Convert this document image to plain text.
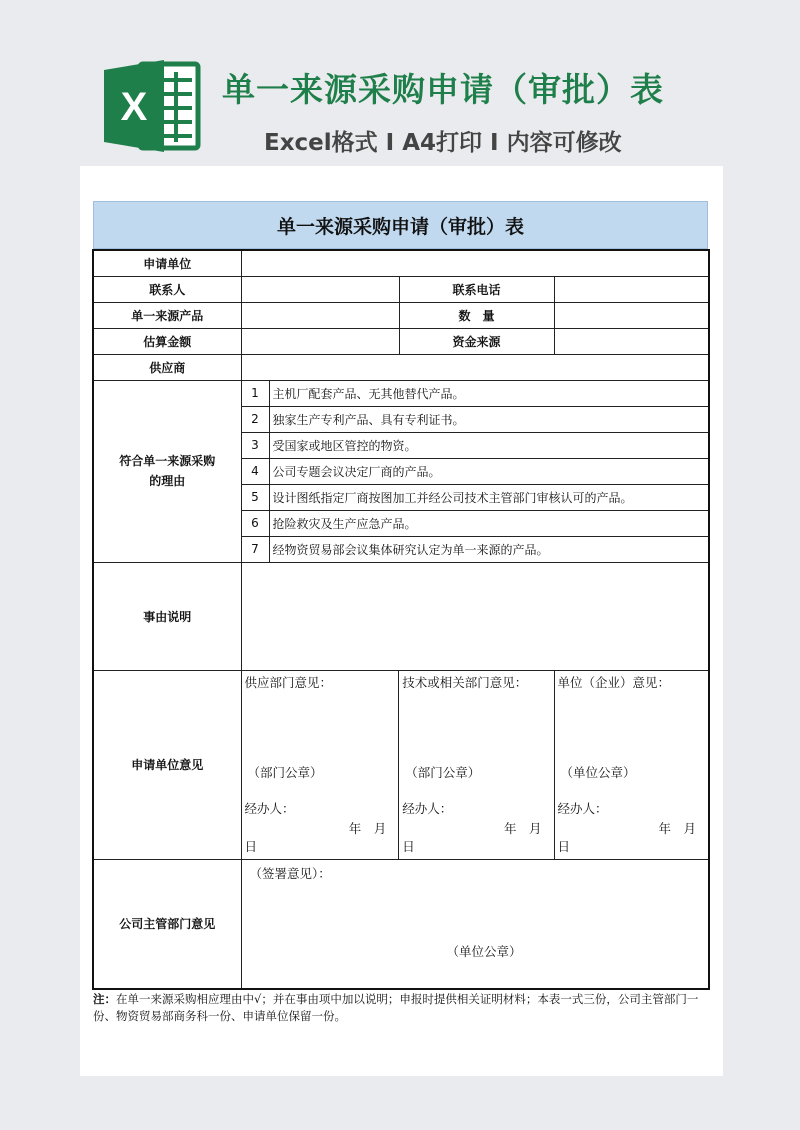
X 单一来源采购申请（审批）表
Excel格式 I A4打印 I 内容可修改
单一来源采购申请（审批）表
申请单位	
联系人		联系电话	
单一来源产品		数　量	
估算金额		资金来源	
供应商	

符合单一来源采购的理由
	1	主机厂配套产品、无其他替代产品。
2	独家生产专利产品、具有专利证书。
3	受国家或地区管控的物资。
4	公司专题会议决定厂商的产品。
5	设计图纸指定厂商按图加工并经公司技术主管部门审核认可的产品。
6	抢险救灾及生产应急产品。
7	经物资贸易部会议集体研究认定为单一来源的产品。
事由说明	
申请单位意见	
供应部门意见：
（部门公章）
经办人：
年　月
日

技术或相关部门意见：
（部门公章）
经办人：
年　月
日

单位（企业）意见：
（单位公章）
经办人：
年　月
日

公司主管部门意见	
（签署意见）：
（单位公章）
注：在单一来源采购相应理由中√；并在事由项中加以说明；申报时提供相关证明材料；本表一式三份，公司主管部门一份、物资贸易部商务科一份、申请单位保留一份。
